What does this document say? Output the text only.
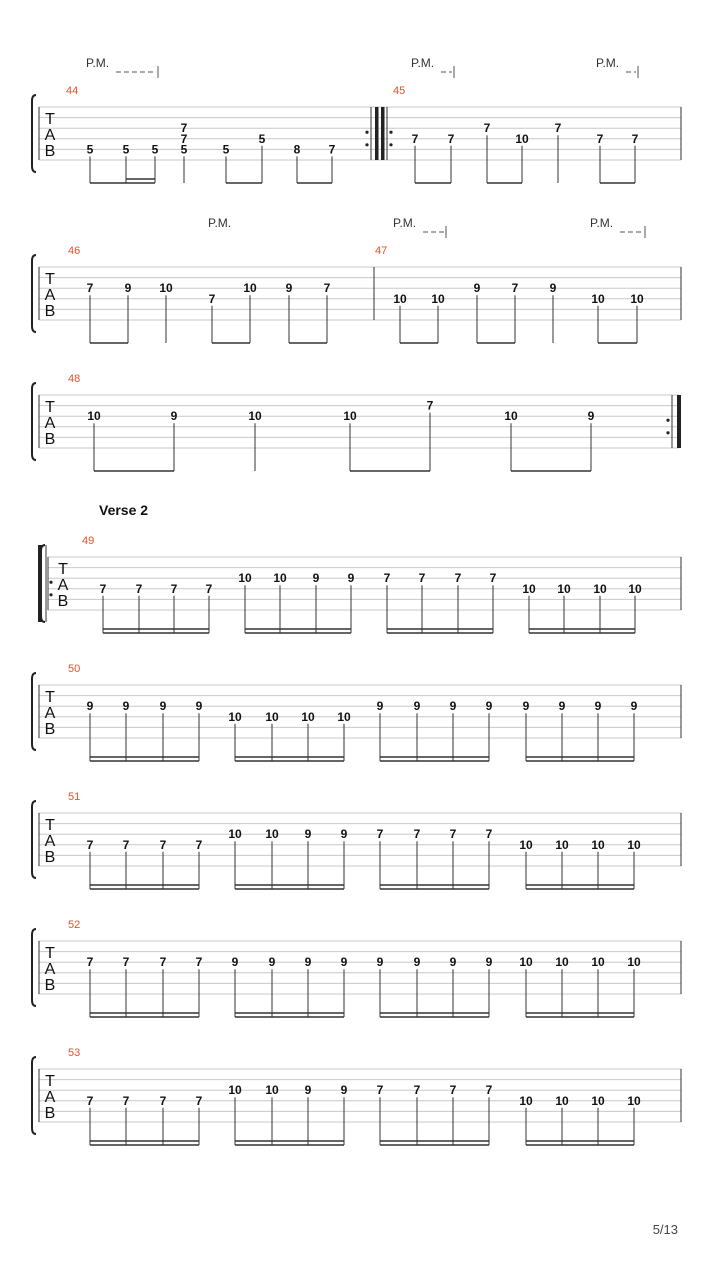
T
A
B
44
P.M.
5 5 5
7
7
5	5
5
8 7
45
P.M.	P.M.
7 7
7
10
7
7 7
T
A
B
46
P.M.
7	9 10
7
10 9	7
47
P.M.	P.M.
10 10
9	7	9
10 10
T
A
B
48
10	9	10	10
7
10	9
T
A
B
Verse 2
49
7 7 7 7
10 10 9 9 7 7 7 7
10 10 10 10
T
A
B
50
9 9	9 9
10 10 10 10
9	9 9 9	9 9 9 9
T
A
B
51
7 7	7 7
10 10 9 9 7	7 7 7
10 10 10 10
T
A
B
52
7 7	7 7 9	9 9 9 9	9 9 9 10 10 10 10
T
A
B
53
7 7	7 7
10 10 9 9 7	7 7 7
10 10 10 10
5/13
